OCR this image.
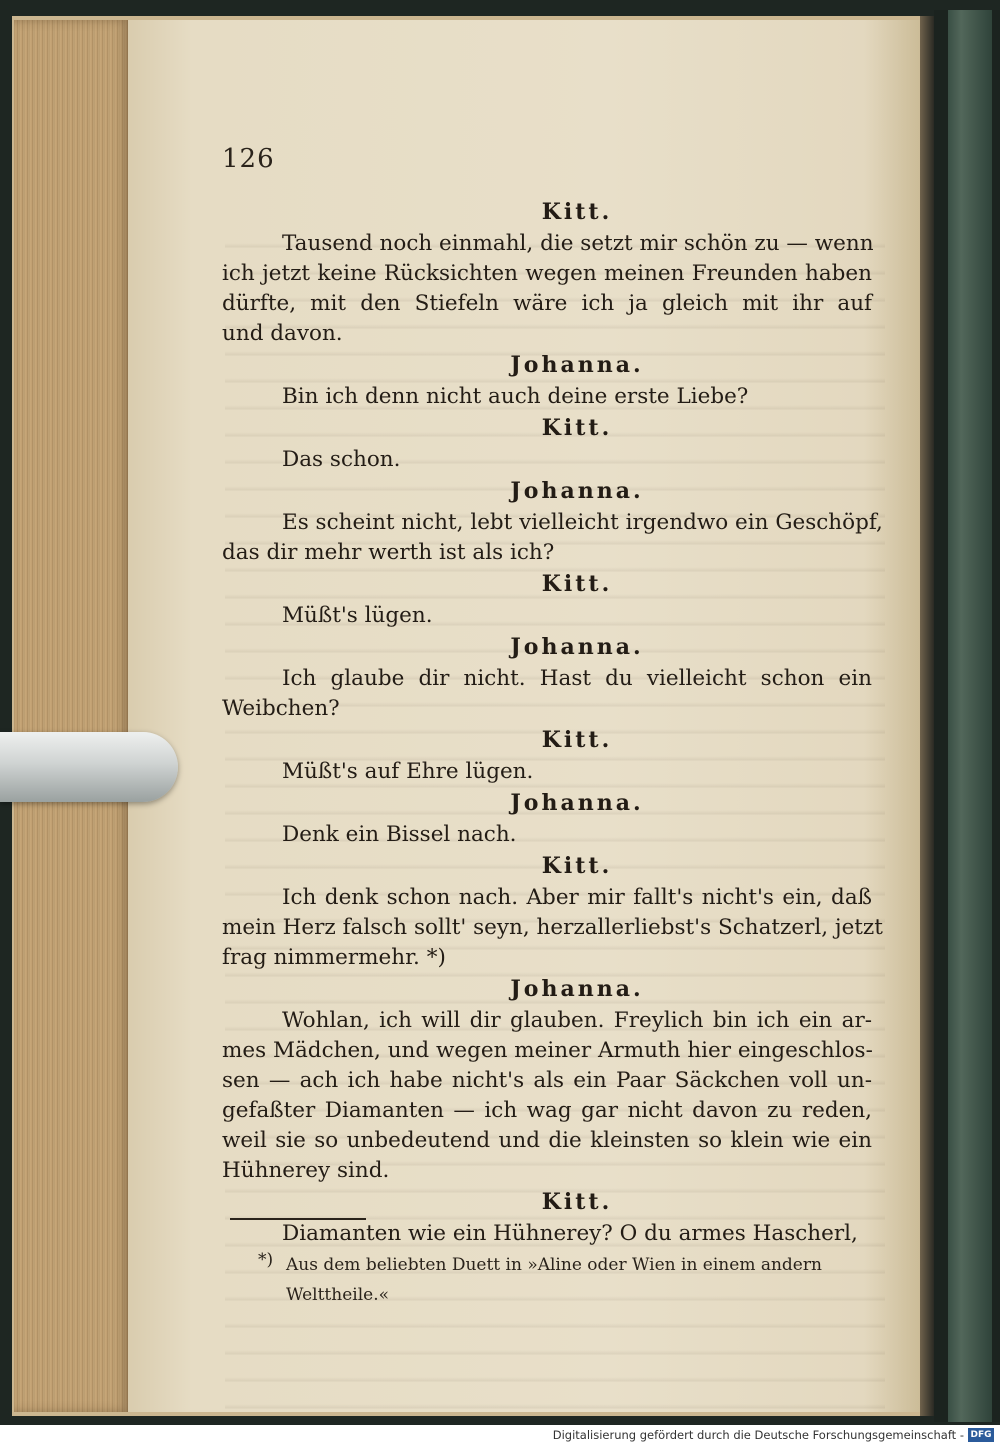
126
Kitt.
Tausend noch einmahl, die setzt mir schön zu — wenn
ich jetzt keine Rücksichten wegen meinen Freunden haben
dürfte, mit den Stiefeln wäre ich ja gleich mit ihr auf
und davon.
Johanna.
Bin ich denn nicht auch deine erste Liebe?
Kitt.
Das schon.
Johanna.
Es scheint nicht, lebt vielleicht irgendwo ein Geschöpf,
das dir mehr werth ist als ich?
Kitt.
Müßt's lügen.
Johanna.
Ich glaube dir nicht. Hast du vielleicht schon ein
Weibchen?
Kitt.
Müßt's auf Ehre lügen.
Johanna.
Denk ein Bissel nach.
Kitt.
Ich denk schon nach. Aber mir fallt's nicht's ein, daß
mein Herz falsch sollt' seyn, herzallerliebst's Schatzerl, jetzt
frag nimmermehr. *)
Johanna.
Wohlan, ich will dir glauben. Freylich bin ich ein ar-
mes Mädchen, und wegen meiner Armuth hier eingeschlos-
sen — ach ich habe nicht's als ein Paar Säckchen voll un-
gefaßter Diamanten — ich wag gar nicht davon zu reden,
weil sie so unbedeutend und die kleinsten so klein wie ein
Hühnerey sind.
Kitt.
Diamanten wie ein Hühnerey? O du armes Hascherl,
*) Aus dem beliebten Duett in »Aline oder Wien in einem andern
Welttheile.«
Digitalisierung gefördert durch die Deutsche Forschungsgemeinschaft - DFG
